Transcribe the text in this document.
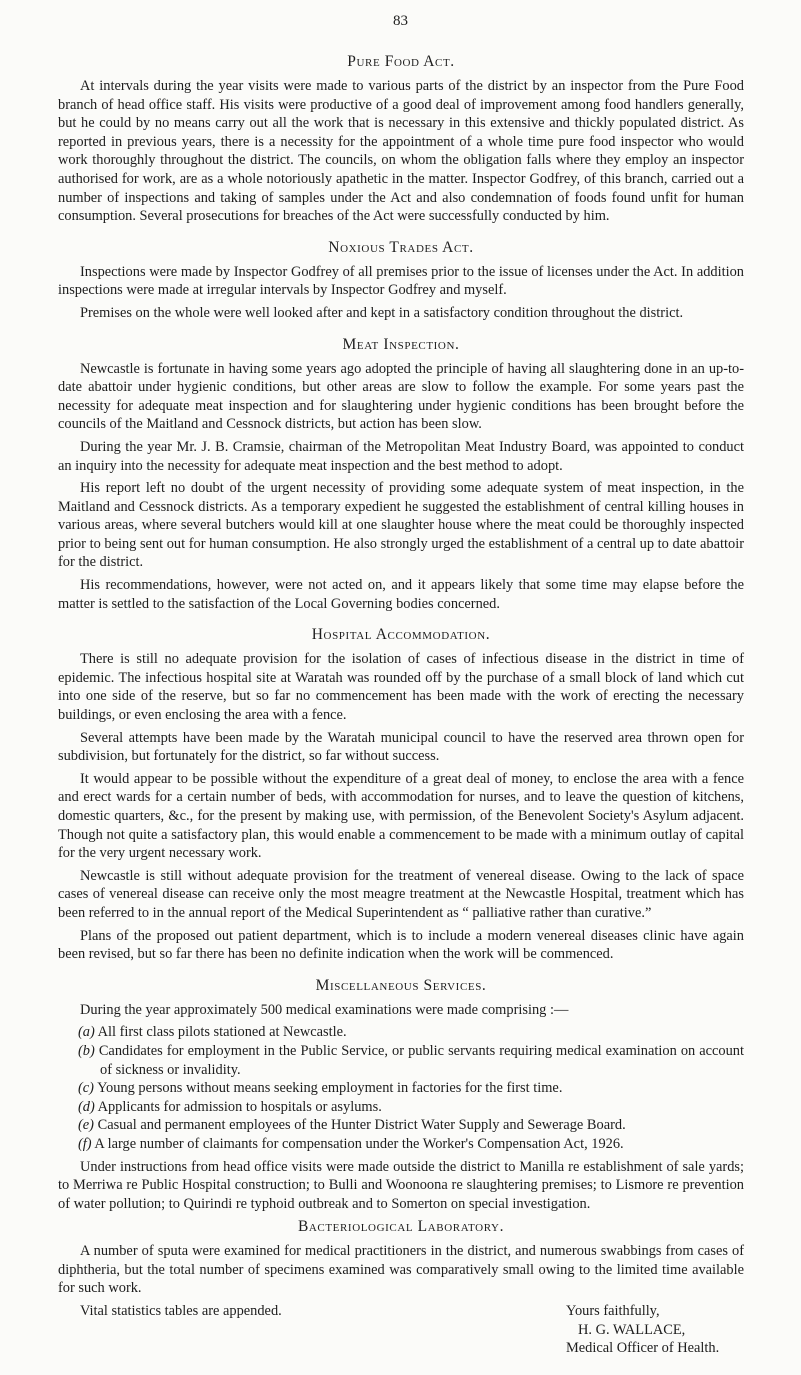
83
Pure Food Act.

At intervals during the year visits were made to various parts of the district by an inspector from the Pure Food branch of head office staff. His visits were productive of a good deal of improvement among food handlers generally, but he could by no means carry out all the work that is necessary in this extensive and thickly populated district. As reported in previous years, there is a necessity for the appointment of a whole time pure food inspector who would work thoroughly throughout the district. The councils, on whom the obligation falls where they employ an inspector authorised for work, are as a whole notoriously apathetic in the matter. Inspector Godfrey, of this branch, carried out a number of inspections and taking of samples under the Act and also condemnation of foods found unfit for human consumption. Several prosecutions for breaches of the Act were successfully conducted by him.

Noxious Trades Act.

Inspections were made by Inspector Godfrey of all premises prior to the issue of licenses under the Act. In addition inspections were made at irregular intervals by Inspector Godfrey and myself.

Premises on the whole were well looked after and kept in a satisfactory condition throughout the district.

Meat Inspection.

Newcastle is fortunate in having some years ago adopted the principle of having all slaughtering done in an up-to-date abattoir under hygienic conditions, but other areas are slow to follow the example. For some years past the necessity for adequate meat inspection and for slaughtering under hygienic conditions has been brought before the councils of the Maitland and Cessnock districts, but action has been slow.

During the year Mr. J. B. Cramsie, chairman of the Metropolitan Meat Industry Board, was appointed to conduct an inquiry into the necessity for adequate meat inspection and the best method to adopt.

His report left no doubt of the urgent necessity of providing some adequate system of meat inspection, in the Maitland and Cessnock districts. As a temporary expedient he suggested the establishment of central killing houses in various areas, where several butchers would kill at one slaughter house where the meat could be thoroughly inspected prior to being sent out for human consumption. He also strongly urged the establishment of a central up to date abattoir for the district.

His recommendations, however, were not acted on, and it appears likely that some time may elapse before the matter is settled to the satisfaction of the Local Governing bodies concerned.

Hospital Accommodation.

There is still no adequate provision for the isolation of cases of infectious disease in the district in time of epidemic. The infectious hospital site at Waratah was rounded off by the purchase of a small block of land which cut into one side of the reserve, but so far no commencement has been made with the work of erecting the necessary buildings, or even enclosing the area with a fence.

Several attempts have been made by the Waratah municipal council to have the reserved area thrown open for subdivision, but fortunately for the district, so far without success.

It would appear to be possible without the expenditure of a great deal of money, to enclose the area with a fence and erect wards for a certain number of beds, with accommodation for nurses, and to leave the question of kitchens, domestic quarters, &c., for the present by making use, with permission, of the Benevolent Society's Asylum adjacent. Though not quite a satisfactory plan, this would enable a commencement to be made with a minimum outlay of capital for the very urgent necessary work.

Newcastle is still without adequate provision for the treatment of venereal disease. Owing to the lack of space cases of venereal disease can receive only the most meagre treatment at the Newcastle Hospital, treatment which has been referred to in the annual report of the Medical Superintendent as “ palliative rather than curative.”

Plans of the proposed out patient department, which is to include a modern venereal diseases clinic have again been revised, but so far there has been no definite indication when the work will be commenced.

Miscellaneous Services.

During the year approximately 500 medical examinations were made comprising :—

(a) All first class pilots stationed at Newcastle.
(b) Candidates for employment in the Public Service, or public servants requiring medical examination on account of sickness or invalidity.
(c) Young persons without means seeking employment in factories for the first time.
(d) Applicants for admission to hospitals or asylums.
(e) Casual and permanent employees of the Hunter District Water Supply and Sewerage Board.
(f) A large number of claimants for compensation under the Worker's Compensation Act, 1926.

Under instructions from head office visits were made outside the district to Manilla re establishment of sale yards; to Merriwa re Public Hospital construction; to Bulli and Woonoona re slaughtering premises; to Lismore re prevention of water pollution; to Quirindi re typhoid outbreak and to Somerton on special investigation.

Bacteriological Laboratory.

A number of sputa were examined for medical practitioners in the district, and numerous swabbings from cases of diphtheria, but the total number of specimens examined was comparatively small owing to the limited time available for such work.

Vital statistics tables are appended.	Yours faithfully,
H. G. WALLACE,
Medical Officer of Health.
